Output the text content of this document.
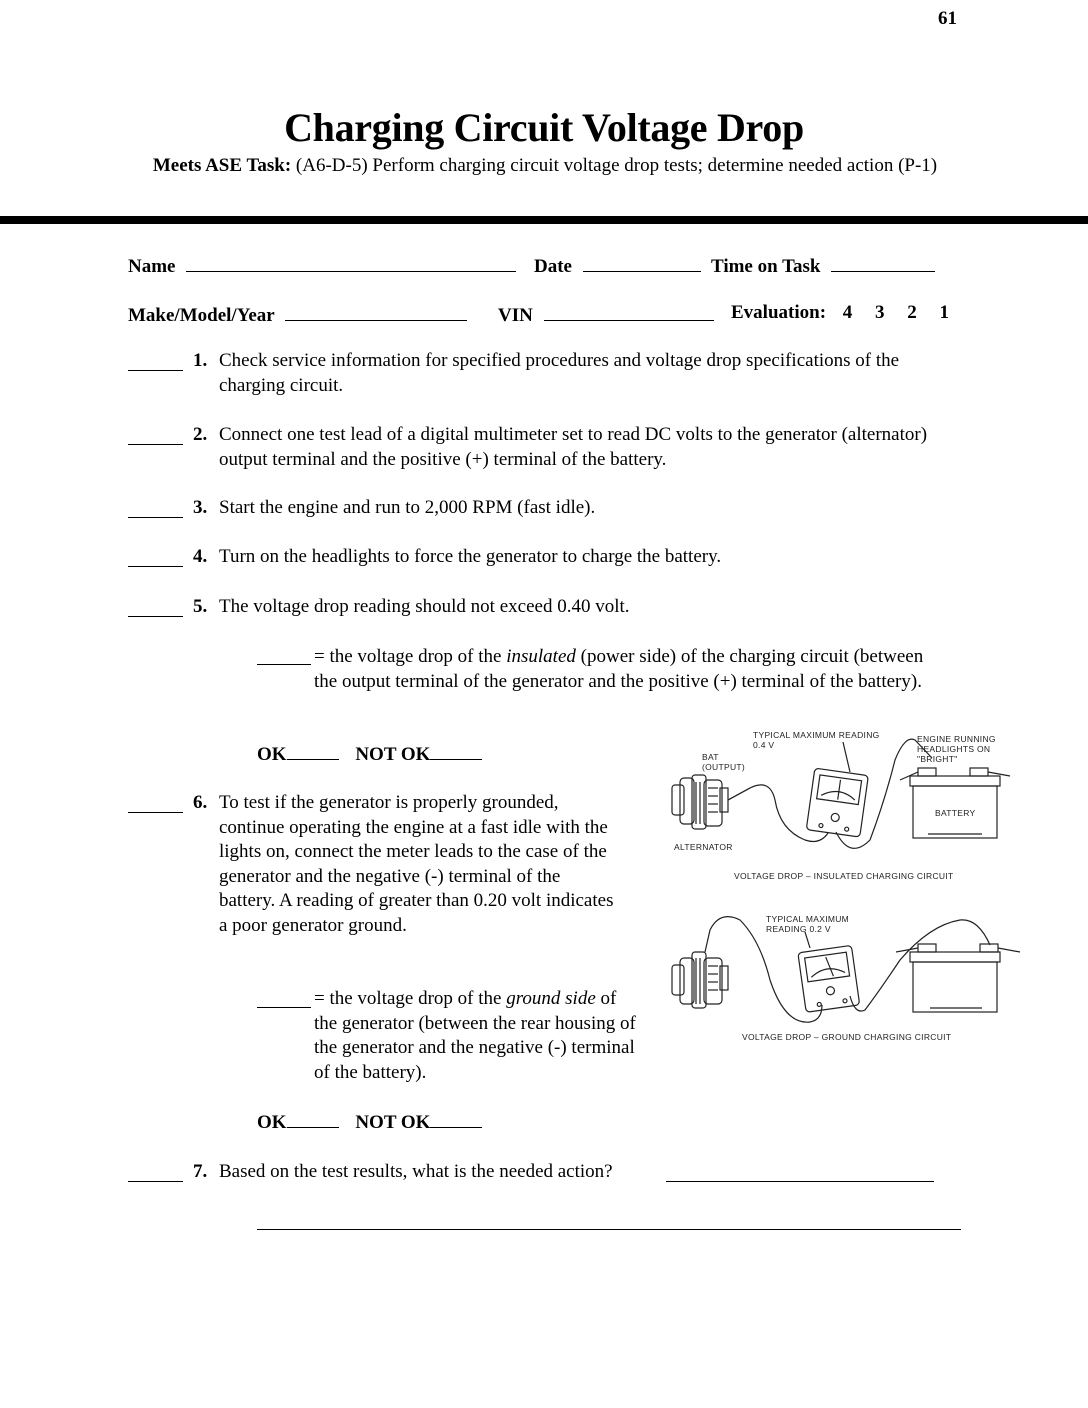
61
Charging Circuit Voltage Drop
Meets ASE Task: (A6-D-5) Perform charging circuit voltage drop tests; determine needed action (P-1)
Name	Date	Time on Task
Make/Model/Year	VIN	Evaluation: 4 3 2 1
1. Check service information for specified procedures and voltage drop specifications of the charging circuit.
2. Connect one test lead of a digital multimeter set to read DC volts to the generator (alternator) output terminal and the positive (+) terminal of the battery.
3. Start the engine and run to 2,000 RPM (fast idle).
4. Turn on the headlights to force the generator to charge the battery.
5. The voltage drop reading should not exceed 0.40 volt.
= the voltage drop of the insulated (power side) of the charging circuit (between the output terminal of the generator and the positive (+) terminal of the battery).
OK	NOT OK
6. To test if the generator is properly grounded, continue operating the engine at a fast idle with the lights on, connect the meter leads to the case of the generator and the negative (-) terminal of the battery. A reading of greater than 0.20 volt indicates a poor generator ground.
= the voltage drop of the ground side of the generator (between the rear housing of the generator and the negative (-) terminal of the battery).
OK	NOT OK
7. Based on the test results, what is the needed action?
TYPICAL MAXIMUM READING
0.4 V
BAT
(OUTPUT)
ENGINE RUNNING
HEADLIGHTS ON
"BRIGHT"
ALTERNATOR
BATTERY
VOLTAGE DROP – INSULATED CHARGING CIRCUIT
TYPICAL MAXIMUM
READING 0.2 V
VOLTAGE DROP – GROUND CHARGING CIRCUIT
